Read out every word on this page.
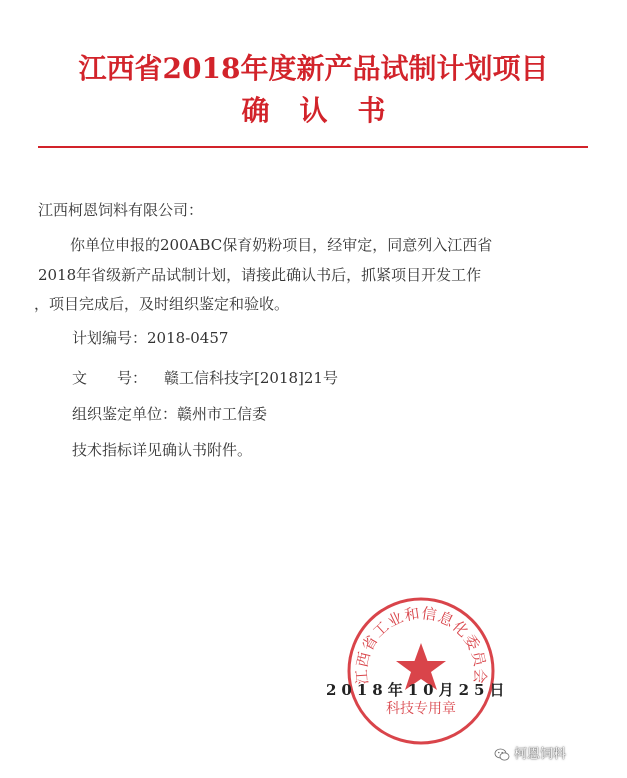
江西省2018年度新产品试制计划项目
确认书
江西柯恩饲料有限公司：
你单位申报的200ABC保育奶粉项目，经审定，同意列入江西省
2018年省级新产品试制计划，请接此确认书后，抓紧项目开发工作
，项目完成后，及时组织鉴定和验收。
计划编号：2018-0457
文　　号： 赣工信科技字[2018]21号
组织鉴定单位：赣州市工信委
技术指标详见确认书附件。
江西省工业和信息化委员会
科技专用章
2018年10月25日
柯恩饲料
